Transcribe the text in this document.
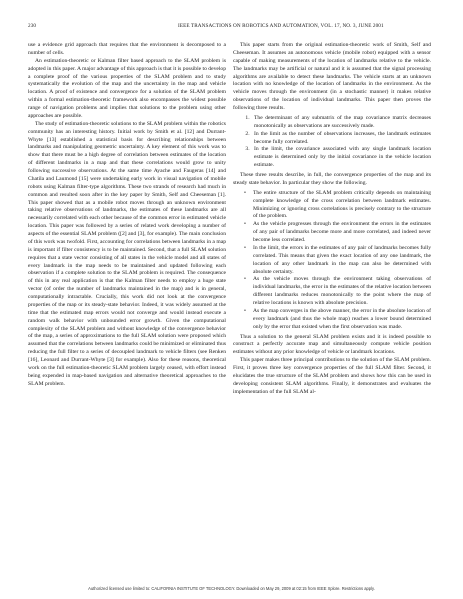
230	IEEE TRANSACTIONS ON ROBOTICS AND AUTOMATION, VOL. 17, NO. 3, JUNE 2001

use a evidence grid approach that requires that the environment is decomposed to a number of cells.

An estimation-theoretic or Kalman filter based approach to the SLAM problem is adopted in this paper. A major advantage of this approach is that it is possible to develop a complete proof of the various properties of the SLAM problem and to study systematically the evolution of the map and the uncertainty in the map and vehicle location. A proof of existence and convergence for a solution of the SLAM problem within a formal estimation-theoretic framework also encompasses the widest possible range of navigation problems and implies that solutions to the problem using other approaches are possible.

The study of estimation-theoretic solutions to the SLAM problem within the robotics community has an interesting history. Initial work by Smith et al. [12] and Durrant-Whyte [13] established a statistical basis for describing relationships between landmarks and manipulating geometric uncertainty. A key element of this work was to show that there must be a high degree of correlation between estimates of the location of different landmarks in a map and that these correlations would grow to unity following successive observations. At the same time Ayache and Faugeras [14] and Chatila and Laumond [15] were undertaking early work in visual navigation of mobile robots using Kalman filter-type algorithms. These two strands of research had much in common and resulted soon after in the key paper by Smith, Self and Cheeseman [1]. This paper showed that as a mobile robot moves through an unknown environment taking relative observations of landmarks, the estimates of these landmarks are all necessarily correlated with each other because of the common error in estimated vehicle location. This paper was followed by a series of related work developing a number of aspects of the essential SLAM problem ([2] and [3], for example). The main conclusion of this work was twofold. First, accounting for correlations between landmarks in a map is important if filter consistency is to be maintained. Second, that a full SLAM solution requires that a state vector consisting of all states in the vehicle model and all states of every landmark in the map needs to be maintained and updated following each observation if a complete solution to the SLAM problem is required. The consequence of this in any real application is that the Kalman filter needs to employ a huge state vector (of order the number of landmarks maintained in the map) and is in general, computationally intractable. Crucially, this work did not look at the convergence properties of the map or its steady-state behavior. Indeed, it was widely assumed at the time that the estimated map errors would not converge and would instead execute a random walk behavior with unbounded error growth. Given the computational complexity of the SLAM problem and without knowledge of the convergence behavior of the map, a series of approximations to the full SLAM solution were proposed which assumed that the correlations between landmarks could be minimized or eliminated thus reducing the full filter to a series of decoupled landmark to vehicle filters (see Renken [16], Leonard and Durrant-Whyte [3] for example). Also for these reasons, theoretical work on the full estimation-theoretic SLAM problem largely ceased, with effort instead being expended in map-based navigation and alternative theoretical approaches to the SLAM problem.

This paper starts from the original estimation-theoretic work of Smith, Self and Cheeseman. It assumes an autonomous vehicle (mobile robot) equipped with a sensor capable of making measurements of the location of landmarks relative to the vehicle. The landmarks may be artificial or natural and it is assumed that the signal processing algorithms are available to detect these landmarks. The vehicle starts at an unknown location with no knowledge of the location of landmarks in the environment. As the vehicle moves through the environment (in a stochastic manner) it makes relative observations of the location of individual landmarks. This paper then proves the following three results.

1. The determinant of any submatrix of the map covariance matrix decreases monotonically as observations are successively made.
2. In the limit as the number of observations increases, the landmark estimates become fully correlated.
3. In the limit, the covariance associated with any single landmark location estimate is determined only by the initial covariance in the vehicle location estimate.

These three results describe, in full, the convergence properties of the map and its steady state behavior. In particular they show the following.

• The entire structure of the SLAM problem critically depends on maintaining complete knowledge of the cross correlation between landmark estimates. Minimizing or ignoring cross correlations is precisely contrary to the structure of the problem.
• As the vehicle progresses through the environment the errors in the estimates of any pair of landmarks become more and more correlated, and indeed never become less correlated.
• In the limit, the errors in the estimates of any pair of landmarks becomes fully correlated. This means that given the exact location of any one landmark, the location of any other landmark in the map can also be determined with absolute certainty.
• As the vehicle moves through the environment taking observations of individual landmarks, the error in the estimates of the relative location between different landmarks reduces monotonically to the point where the map of relative locations is known with absolute precision.
• As the map converges in the above manner, the error in the absolute location of every landmark (and thus the whole map) reaches a lower bound determined only by the error that existed when the first observation was made.

Thus a solution to the general SLAM problem exists and it is indeed possible to construct a perfectly accurate map and simultaneously compute vehicle position estimates without any prior knowledge of vehicle or landmark locations.

This paper makes three principal contributions to the solution of the SLAM problem. First, it proves three key convergence properties of the full SLAM filter. Second, it elucidates the true structure of the SLAM problem and shows how this can be used in developing consistent SLAM algorithms. Finally, it demonstrates and evaluates the implementation of the full SLAM al-

Authorized licensed use limited to: CALIFORNIA INSTITUTE OF TECHNOLOGY. Downloaded on May 29, 2009 at 02:15 from IEEE Xplore. Restrictions apply.
